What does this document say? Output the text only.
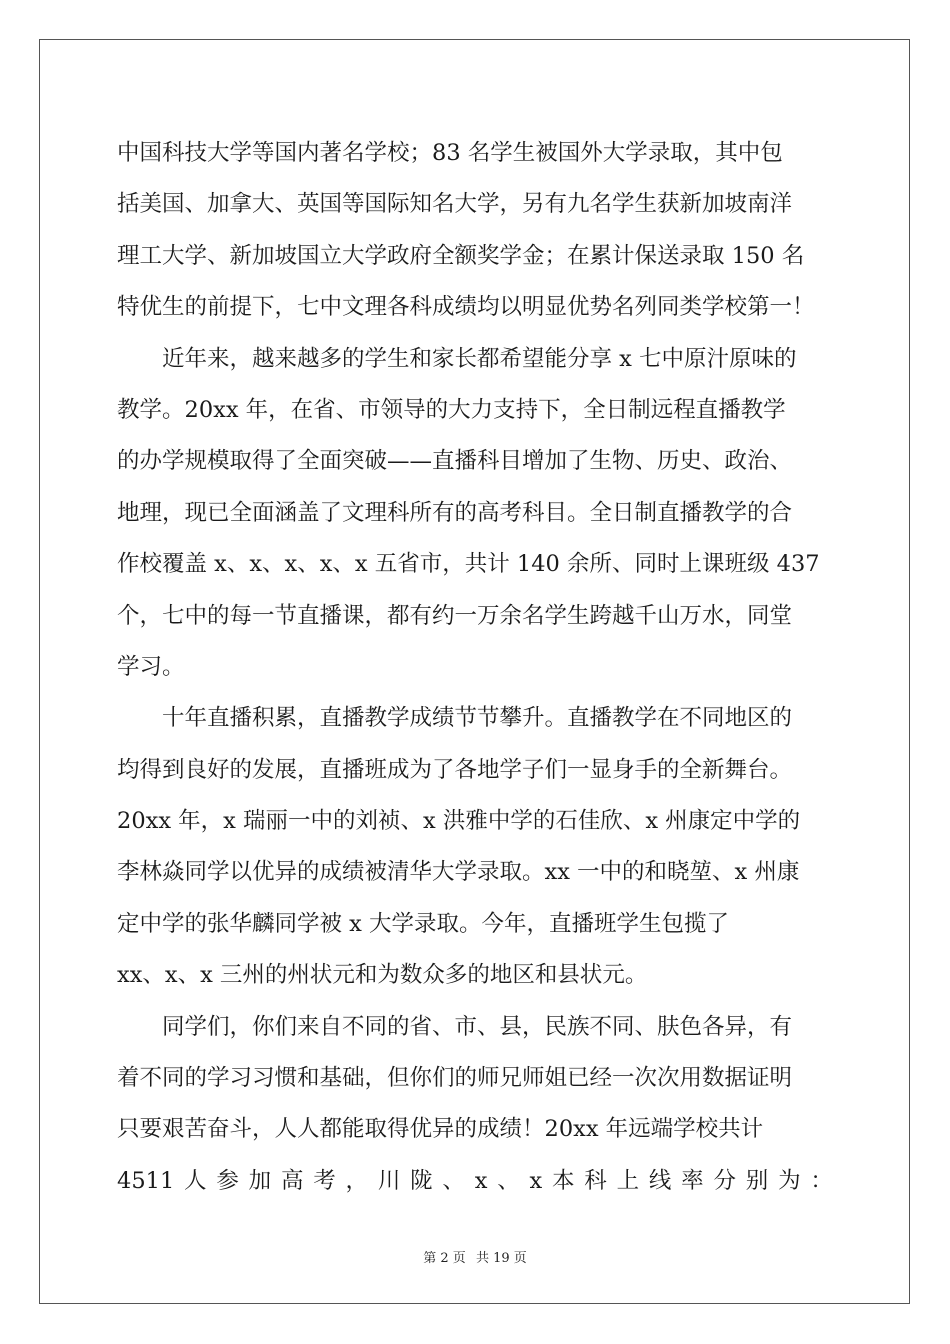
中国科技大学等国内著名学校；83 名学生被国外大学录取，其中包
括美国、加拿大、英国等国际知名大学，另有九名学生获新加坡南洋
理工大学、新加坡国立大学政府全额奖学金；在累计保送录取 150 名
特优生的前提下，七中文理各科成绩均以明显优势名列同类学校第一！
近年来，越来越多的学生和家长都希望能分享 x 七中原汁原味的
教学。20xx 年，在省、市领导的大力支持下，全日制远程直播教学
的办学规模取得了全面突破——直播科目增加了生物、历史、政治、
地理，现已全面涵盖了文理科所有的高考科目。全日制直播教学的合
作校覆盖 x、x、x、x、x 五省市，共计 140 余所、同时上课班级 437
个，七中的每一节直播课，都有约一万余名学生跨越千山万水，同堂
学习。
十年直播积累，直播教学成绩节节攀升。直播教学在不同地区的
均得到良好的发展，直播班成为了各地学子们一显身手的全新舞台。
20xx 年，x 瑞丽一中的刘祯、x 洪雅中学的石佳欣、x 州康定中学的
李林焱同学以优异的成绩被清华大学录取。xx 一中的和晓堃、x 州康
定中学的张华麟同学被 x 大学录取。今年，直播班学生包揽了
xx、x、x 三州的州状元和为数众多的地区和县状元。
同学们，你们来自不同的省、市、县，民族不同、肤色各异，有
着不同的学习习惯和基础，但你们的师兄师姐已经一次次用数据证明
只要艰苦奋斗，人人都能取得优异的成绩！20xx 年远端学校共计
4511 人 参 加 高 考 ， 川 陇 、 x 、 x 本 科 上 线 率 分 别 为 ：
第 2 页 共 19 页
